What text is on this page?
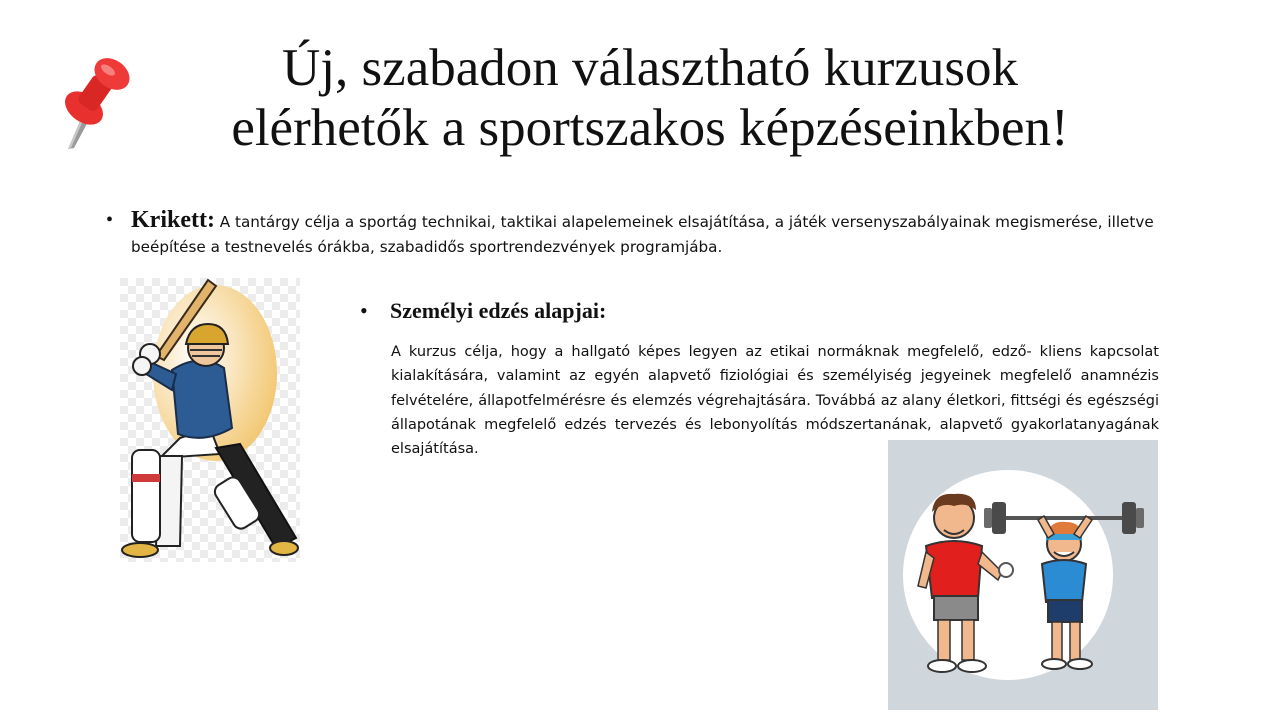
Új, szabadon választható kurzusok
elérhetők a sportszakos képzéseinkben!
• Krikett: A tantárgy célja a sportág technikai, taktikai alapelemeinek elsajátítása, a játék versenyszabályainak megismerése, illetve beépítése a testnevelés órákba, szabadidős sportrendezvények programjába.
• Személyi edzés alapjai:
A kurzus célja, hogy a hallgató képes legyen az etikai normáknak megfelelő, edző- kliens kapcsolat kialakítására, valamint az egyén alapvető fiziológiai és személyiség jegyeinek megfelelő anamnézis felvételére, állapotfelmérésre és elemzés végrehajtására. Továbbá az alany életkori, fittségi és egészségi állapotának megfelelő edzés tervezés és lebonyolítás módszertanának, alapvető gyakorlatanyagának elsajátítása.
